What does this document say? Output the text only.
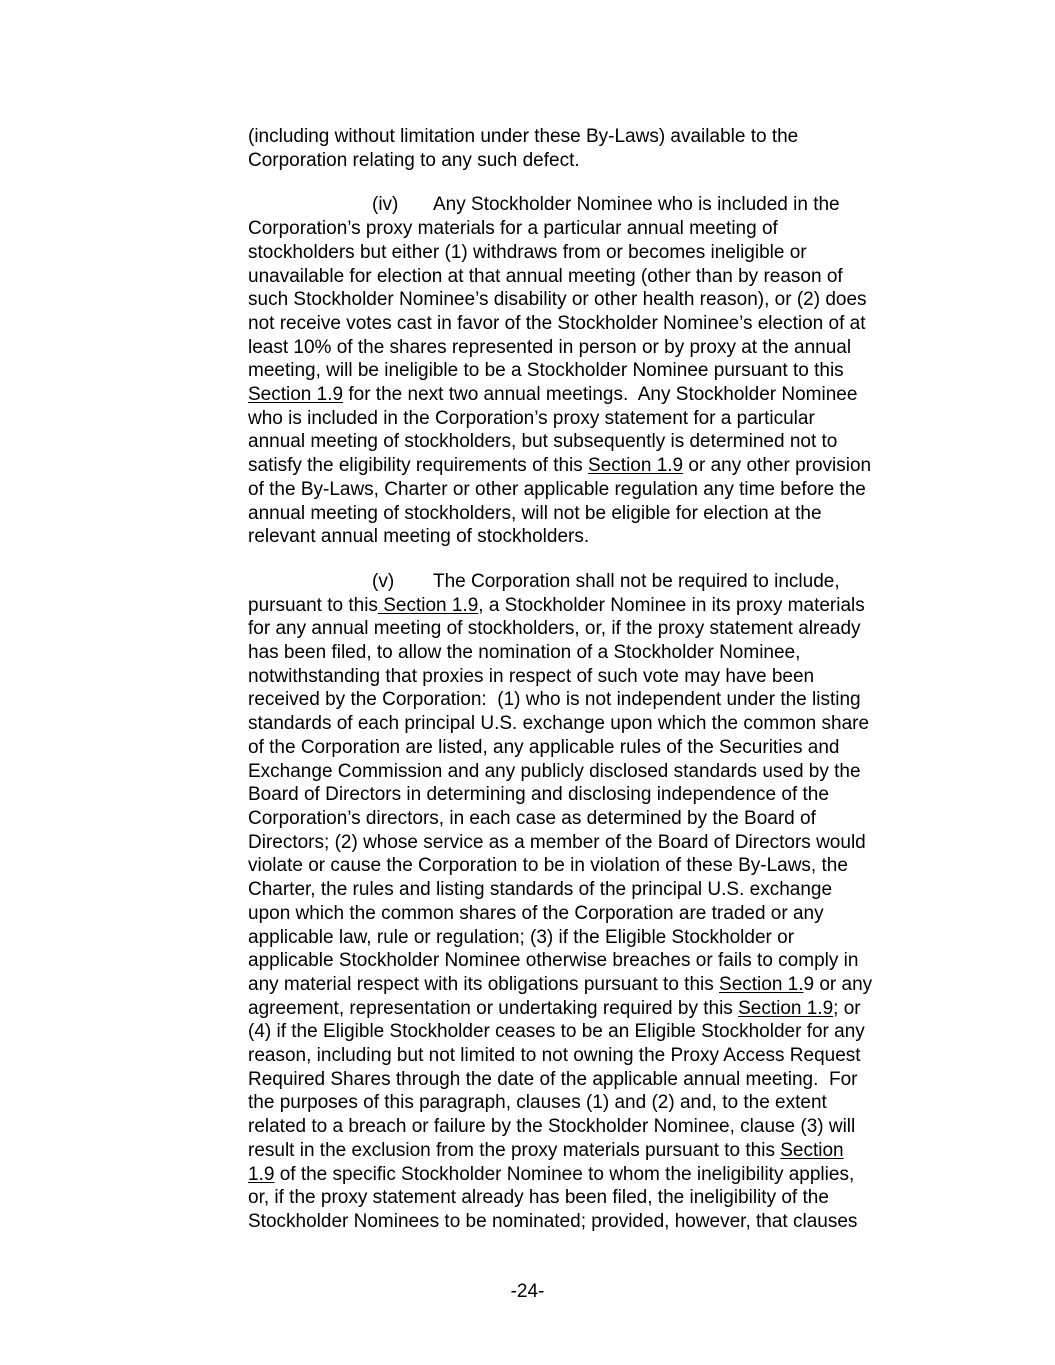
(including without limitation under these By-Laws) available to the
Corporation relating to any such defect.
(iv) Any Stockholder Nominee who is included in the
Corporation’s proxy materials for a particular annual meeting of
stockholders but either (1) withdraws from or becomes ineligible or
unavailable for election at that annual meeting (other than by reason of
such Stockholder Nominee’s disability or other health reason), or (2) does
not receive votes cast in favor of the Stockholder Nominee’s election of at
least 10% of the shares represented in person or by proxy at the annual
meeting, will be ineligible to be a Stockholder Nominee pursuant to this
Section 1.9 for the next two annual meetings.  Any Stockholder Nominee
who is included in the Corporation’s proxy statement for a particular
annual meeting of stockholders, but subsequently is determined not to
satisfy the eligibility requirements of this Section 1.9 or any other provision
of the By-Laws, Charter or other applicable regulation any time before the
annual meeting of stockholders, will not be eligible for election at the
relevant annual meeting of stockholders.
(v) The Corporation shall not be required to include,
pursuant to this Section 1.9, a Stockholder Nominee in its proxy materials
for any annual meeting of stockholders, or, if the proxy statement already
has been filed, to allow the nomination of a Stockholder Nominee,
notwithstanding that proxies in respect of such vote may have been
received by the Corporation:  (1) who is not independent under the listing
standards of each principal U.S. exchange upon which the common share
of the Corporation are listed, any applicable rules of the Securities and
Exchange Commission and any publicly disclosed standards used by the
Board of Directors in determining and disclosing independence of the
Corporation’s directors, in each case as determined by the Board of
Directors; (2) whose service as a member of the Board of Directors would
violate or cause the Corporation to be in violation of these By-Laws, the
Charter, the rules and listing standards of the principal U.S. exchange
upon which the common shares of the Corporation are traded or any
applicable law, rule or regulation; (3) if the Eligible Stockholder or
applicable Stockholder Nominee otherwise breaches or fails to comply in
any material respect with its obligations pursuant to this Section 1.9 or any
agreement, representation or undertaking required by this Section 1.9; or
(4) if the Eligible Stockholder ceases to be an Eligible Stockholder for any
reason, including but not limited to not owning the Proxy Access Request
Required Shares through the date of the applicable annual meeting.  For
the purposes of this paragraph, clauses (1) and (2) and, to the extent
related to a breach or failure by the Stockholder Nominee, clause (3) will
result in the exclusion from the proxy materials pursuant to this Section
1.9 of the specific Stockholder Nominee to whom the ineligibility applies,
or, if the proxy statement already has been filed, the ineligibility of the
Stockholder Nominees to be nominated; provided, however, that clauses
-24-
